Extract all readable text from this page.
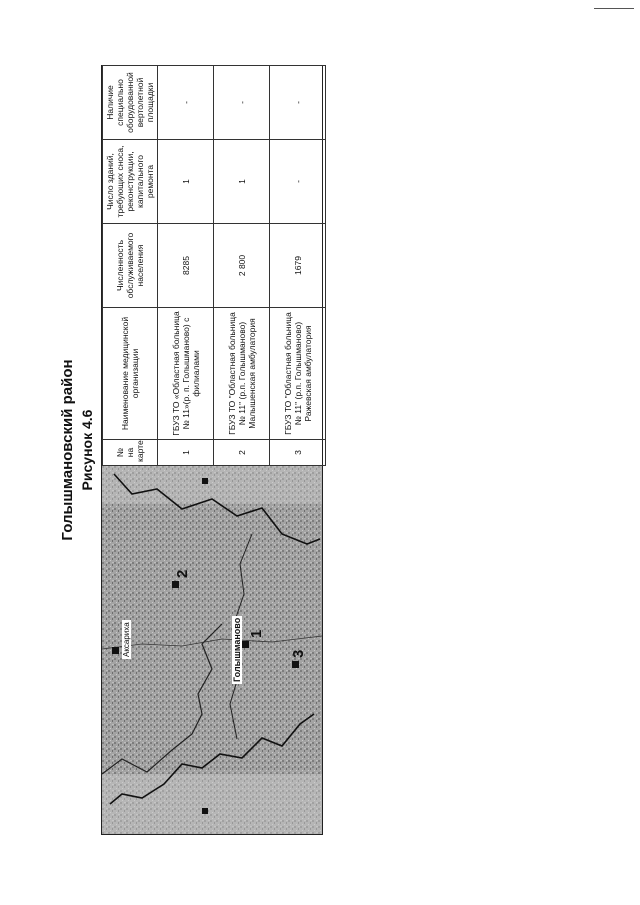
Голышмановский район Рисунок 4.6
Голышманово
Аксариха	1
2
3
№ на карте	Наименование медицинской организации	Численность обслуживаемого населения	Число зданий, требующих сноса, реконструкции, капитального ремонта	Наличие специально оборудованной вертолетной площадки
1	ГБУЗ ТО «Областная больница № 11»(р. п. Голышманово) с филиалами	8285	1	-
2	ГБУЗ ТО "Областная больница № 11" (р.п. Голышманово) Малышенская амбулатория	2 800	1	-
3	ГБУЗ ТО "Областная больница № 11" (р.п. Голышманово) Ражевская амбулатория	1679	-	-
